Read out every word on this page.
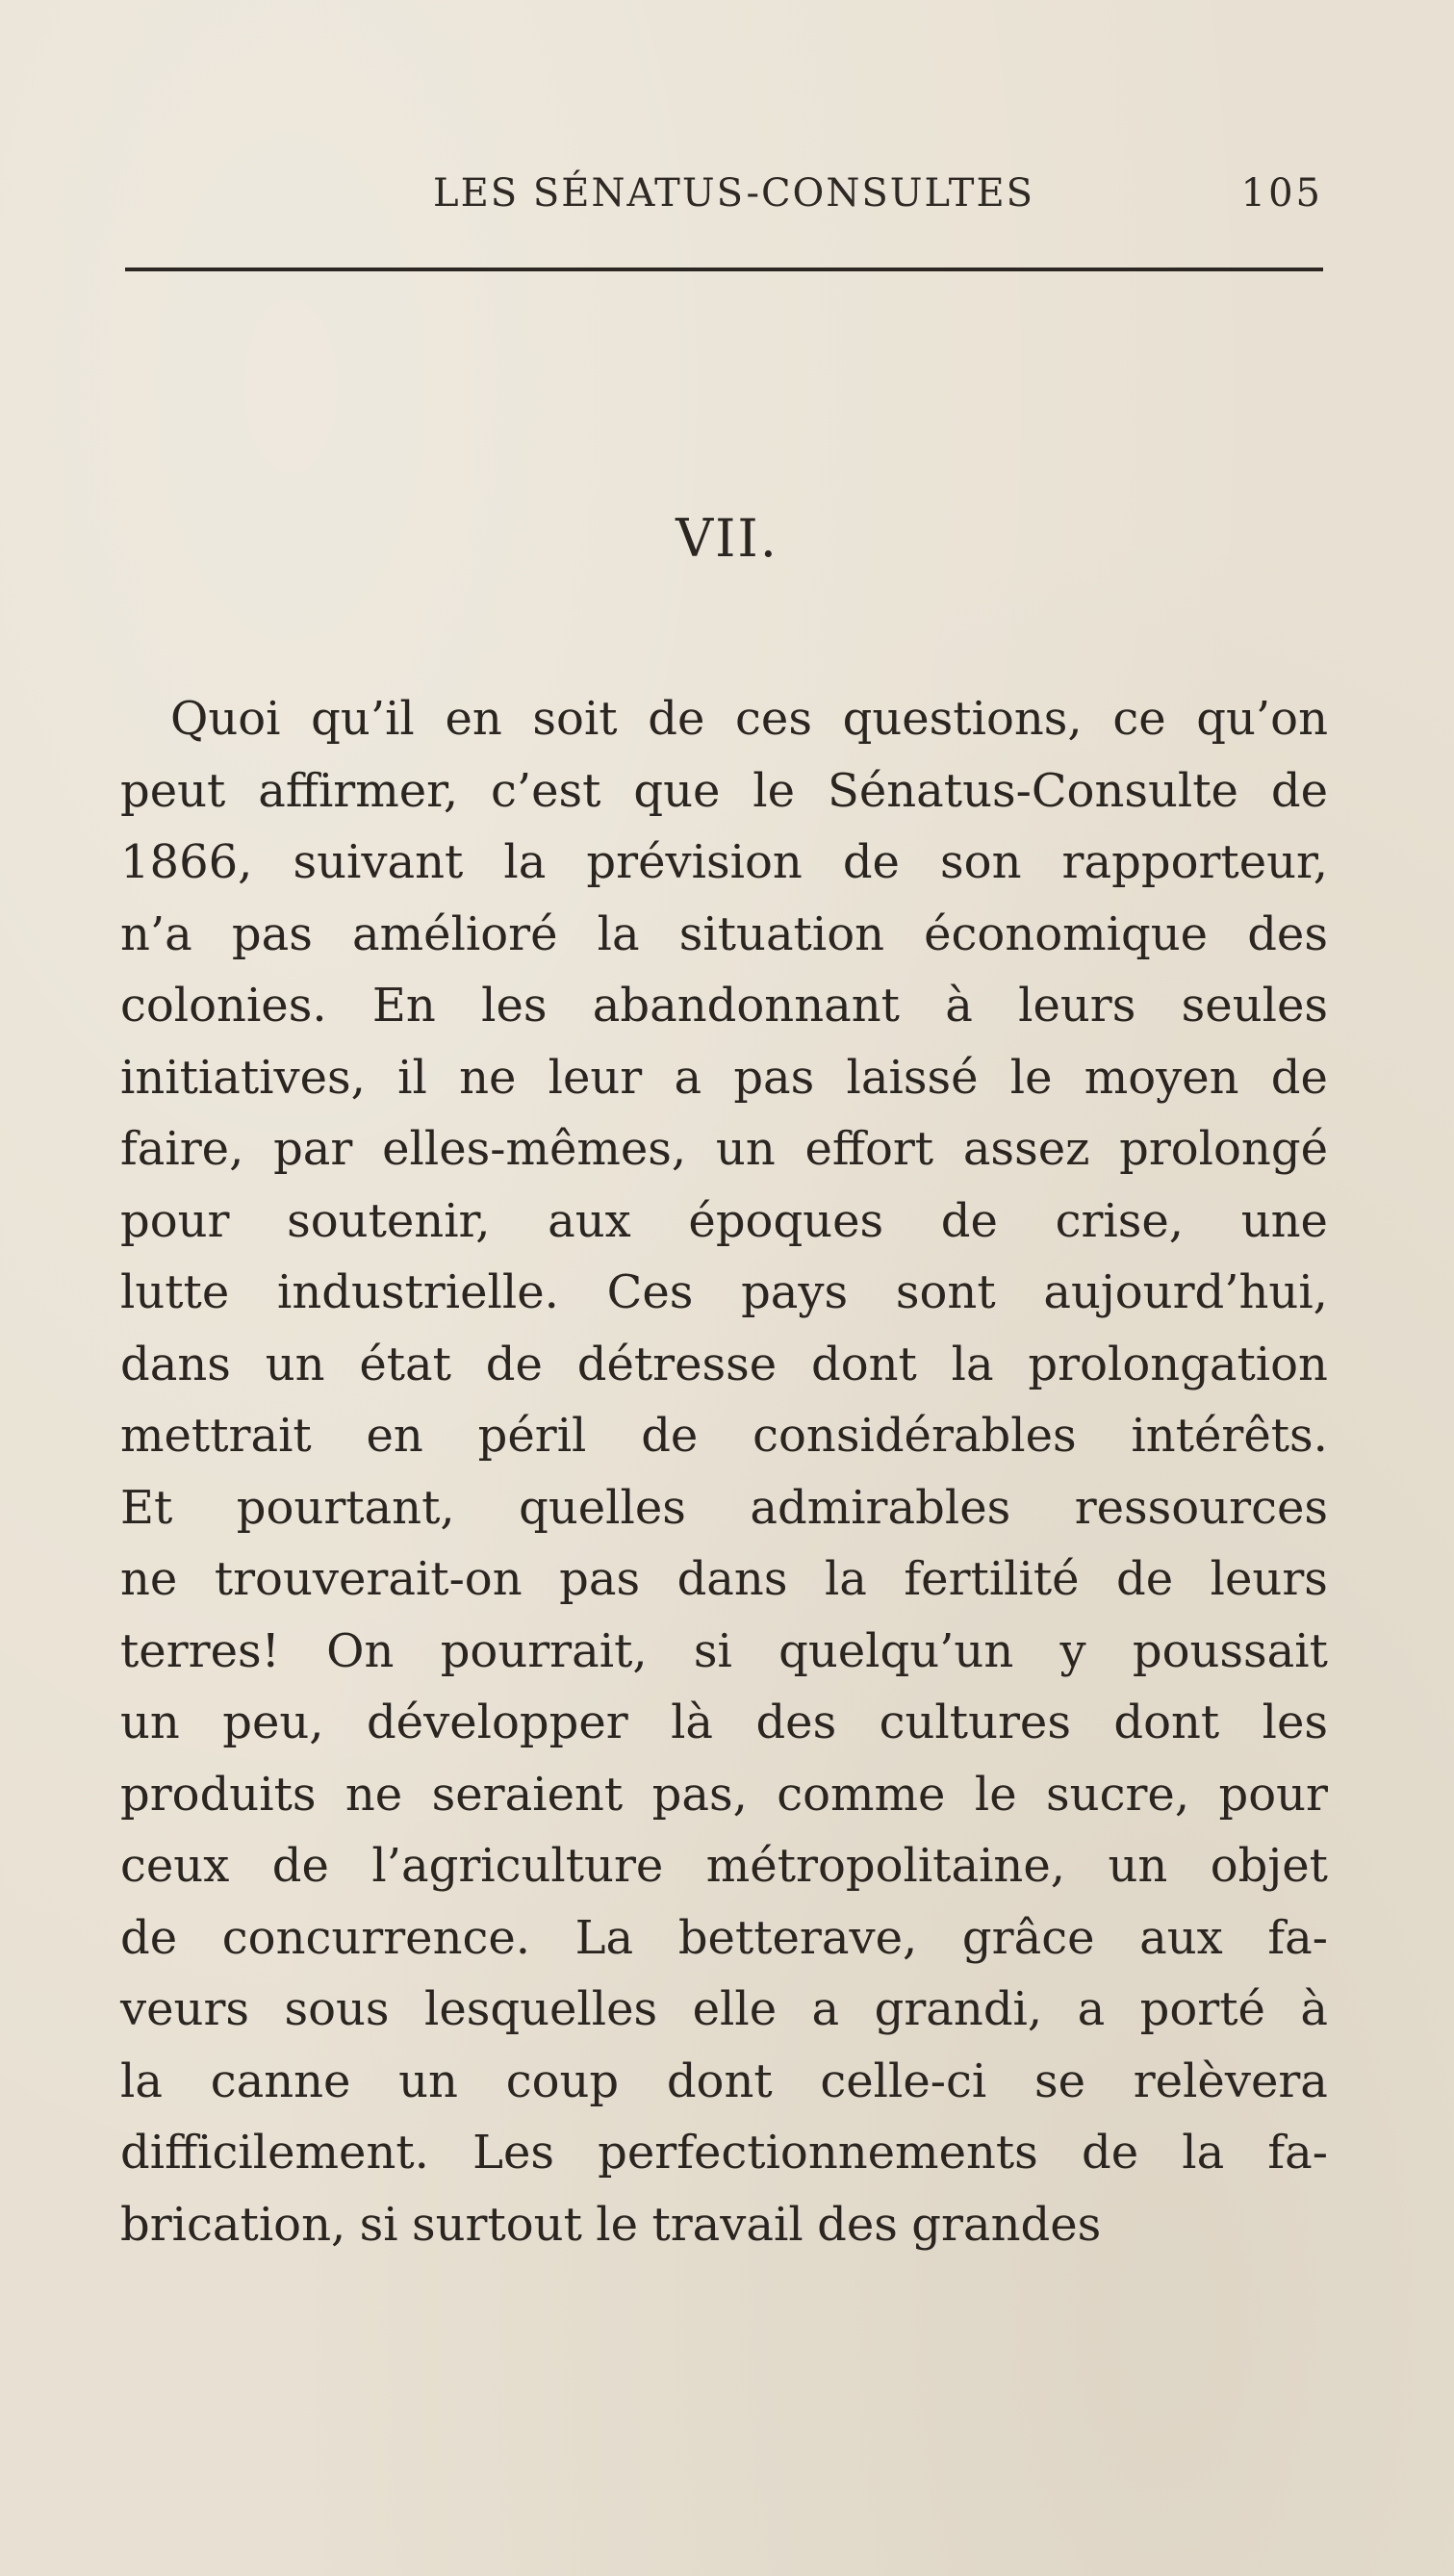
LES SÉNATUS-CONSULTES	105
VII.
Quoi qu’il en soit de ces questions, ce qu’on
peut affirmer, c’est que le Sénatus-Consulte de
1866, suivant la prévision de son rapporteur,
n’a pas amélioré la situation économique des
colonies. En les abandonnant à leurs seules
initiatives, il ne leur a pas laissé le moyen de
faire, par elles-mêmes, un effort assez prolongé
pour soutenir, aux époques de crise, une
lutte industrielle. Ces pays sont aujourd’hui,
dans un état de détresse dont la prolongation
mettrait en péril de considérables intérêts.
Et pourtant, quelles admirables ressources
ne trouverait-on pas dans la fertilité de leurs
terres! On pourrait, si quelqu’un y poussait
un peu, développer là des cultures dont les
produits ne seraient pas, comme le sucre, pour
ceux de l’agriculture métropolitaine, un objet
de concurrence. La betterave, grâce aux fa-
veurs sous lesquelles elle a grandi, a porté à
la canne un coup dont celle-ci se relèvera
difficilement. Les perfectionnements de la fa-
brication, si surtout le travail des grandes
